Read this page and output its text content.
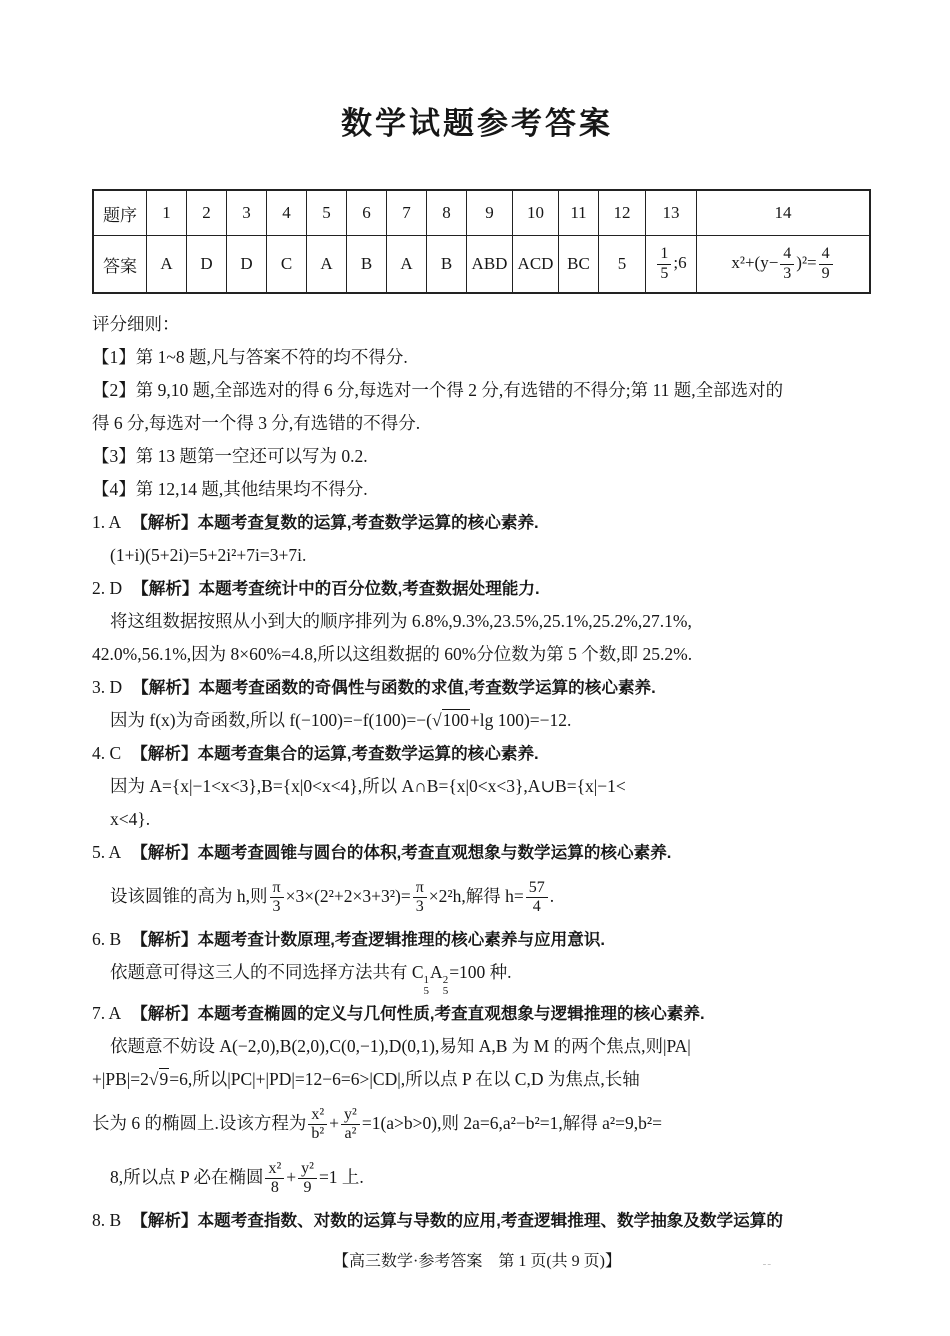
数学试题参考答案
题序	1	2	3	4	5	6	7	8	9	10	11	12	13	14
答案	A	D	D	C	A	B	A	B	ABD	ACD	BC	5	$\frac{1}{5}$ ;6	$x^2+(y- \frac{4}{3} )^2= \frac{4}{9}$
评分细则：
【1】第 1~8 题,凡与答案不符的均不得分.
【2】第 9,10 题,全部选对的得 6 分,每选对一个得 2 分,有选错的不得分;第 11 题,全部选对的
得 6 分,每选对一个得 3 分,有选错的不得分.
【3】第 13 题第一空还可以写为 0.2.
【4】第 12,14 题,其他结果均不得分.
1. A 【解析】本题考查复数的运算,考查数学运算的核心素养.
(1+i)(5+2i)=5+2i²+7i=3+7i.
2. D 【解析】本题考查统计中的百分位数,考查数据处理能力.
将这组数据按照从小到大的顺序排列为 6.8%,9.3%,23.5%,25.1%,25.2%,27.1%,
42.0%,56.1%,因为 8×60%=4.8,所以这组数据的 60%分位数为第 5 个数,即 25.2%.
3. D 【解析】本题考查函数的奇偶性与函数的求值,考查数学运算的核心素养.
因为 f(x)为奇函数,所以 f(−100)=−f(100)=−(√100+lg 100)=−12.
4. C 【解析】本题考查集合的运算,考查数学运算的核心素养.
因为 A={x|−1<x<3},B={x|0<x<4},所以 A∩B={x|0<x<3},A∪B={x|−1<
x<4}.
5. A 【解析】本题考查圆锥与圆台的体积,考查直观想象与数学运算的核心素养.
设该圆锥的高为 h,则 $\frac{\pi}{3} \times 3\times(2^2+2\times 3+3^2)= \frac{\pi}{3} \times 2^2h$,解得 $h= \frac{57}{4}$ .
6. B 【解析】本题考查计数原理,考查逻辑推理的核心素养与应用意识.
依题意可得这三人的不同选择方法共有 C 1
5
A 2
5
=100 种.
7. A 【解析】本题考查椭圆的定义与几何性质,考查直观想象与逻辑推理的核心素养.
依题意不妨设 A(−2,0),B(2,0),C(0,−1),D(0,1),易知 A,B 为 M 的两个焦点,则|PA|
+|PB|=2√9=6,所以|PC|+|PD|=12−6=6>|CD|,所以点 P 在以 C,D 为焦点,长轴
长为 6 的椭圆上.设该方程为 $\frac{\text{x²}}{\text{b²}} + \frac{\text{y²}}{\text{a²}} =1(a>b>0)$,则 2a=6,a²−b²=1,解得 a²=9,b²=
8,所以点 P 必在椭圆 $\frac{\text{x²}}{8} + \frac{\text{y²}}{9} =1$ 上.
8. B 【解析】本题考查指数、对数的运算与导数的应用,考查逻辑推理、数学抽象及数学运算的
【高三数学·参考答案　第 1 页(共 9 页)】	--
